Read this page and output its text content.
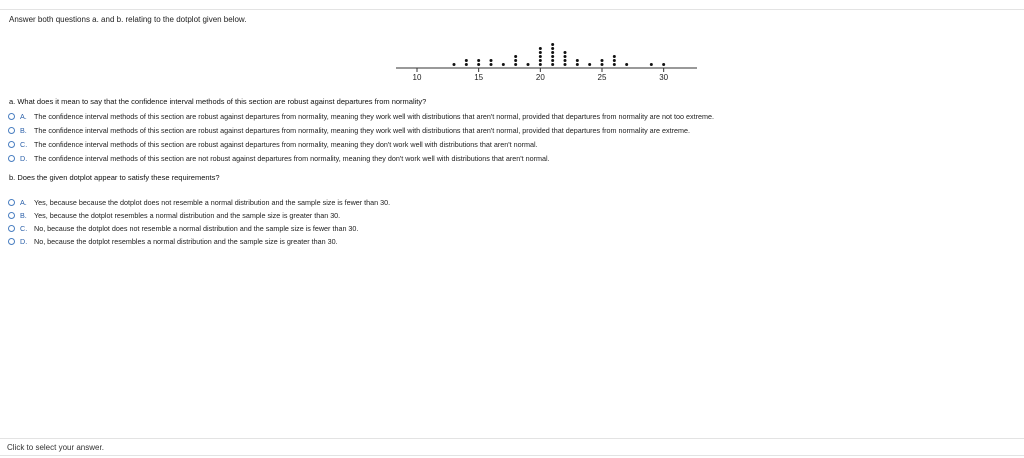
Answer both questions a. and b. relating to the dotplot given below.
10	15	20	25	30
a. What does it mean to say that the confidence interval methods of this section are robust against departures from normality?
A.	The confidence interval methods of this section are robust against departures from normality, meaning they work well with distributions that aren't normal, provided that departures from normality are not too extreme.
B.	The confidence interval methods of this section are robust against departures from normality, meaning they work well with distributions that aren't normal, provided that departures from normality are extreme.
C. The confidence interval methods of this section are robust against departures from normality, meaning they don't work well with distributions that aren't normal.
D. The confidence interval methods of this section are not robust against departures from normality, meaning they don't work well with distributions that aren't normal.
b. Does the given dotplot appear to satisfy these requirements?
A.	Yes, because because the dotplot does not resemble a normal distribution and the sample size is fewer than 30.
B.	Yes, because the dotplot resembles a normal distribution and the sample size is greater than 30.
C. No, because the dotplot does not resemble a normal distribution and the sample size is fewer than 30.
D. No, because the dotplot resembles a normal distribution and the sample size is greater than 30.
Click to select your answer.
